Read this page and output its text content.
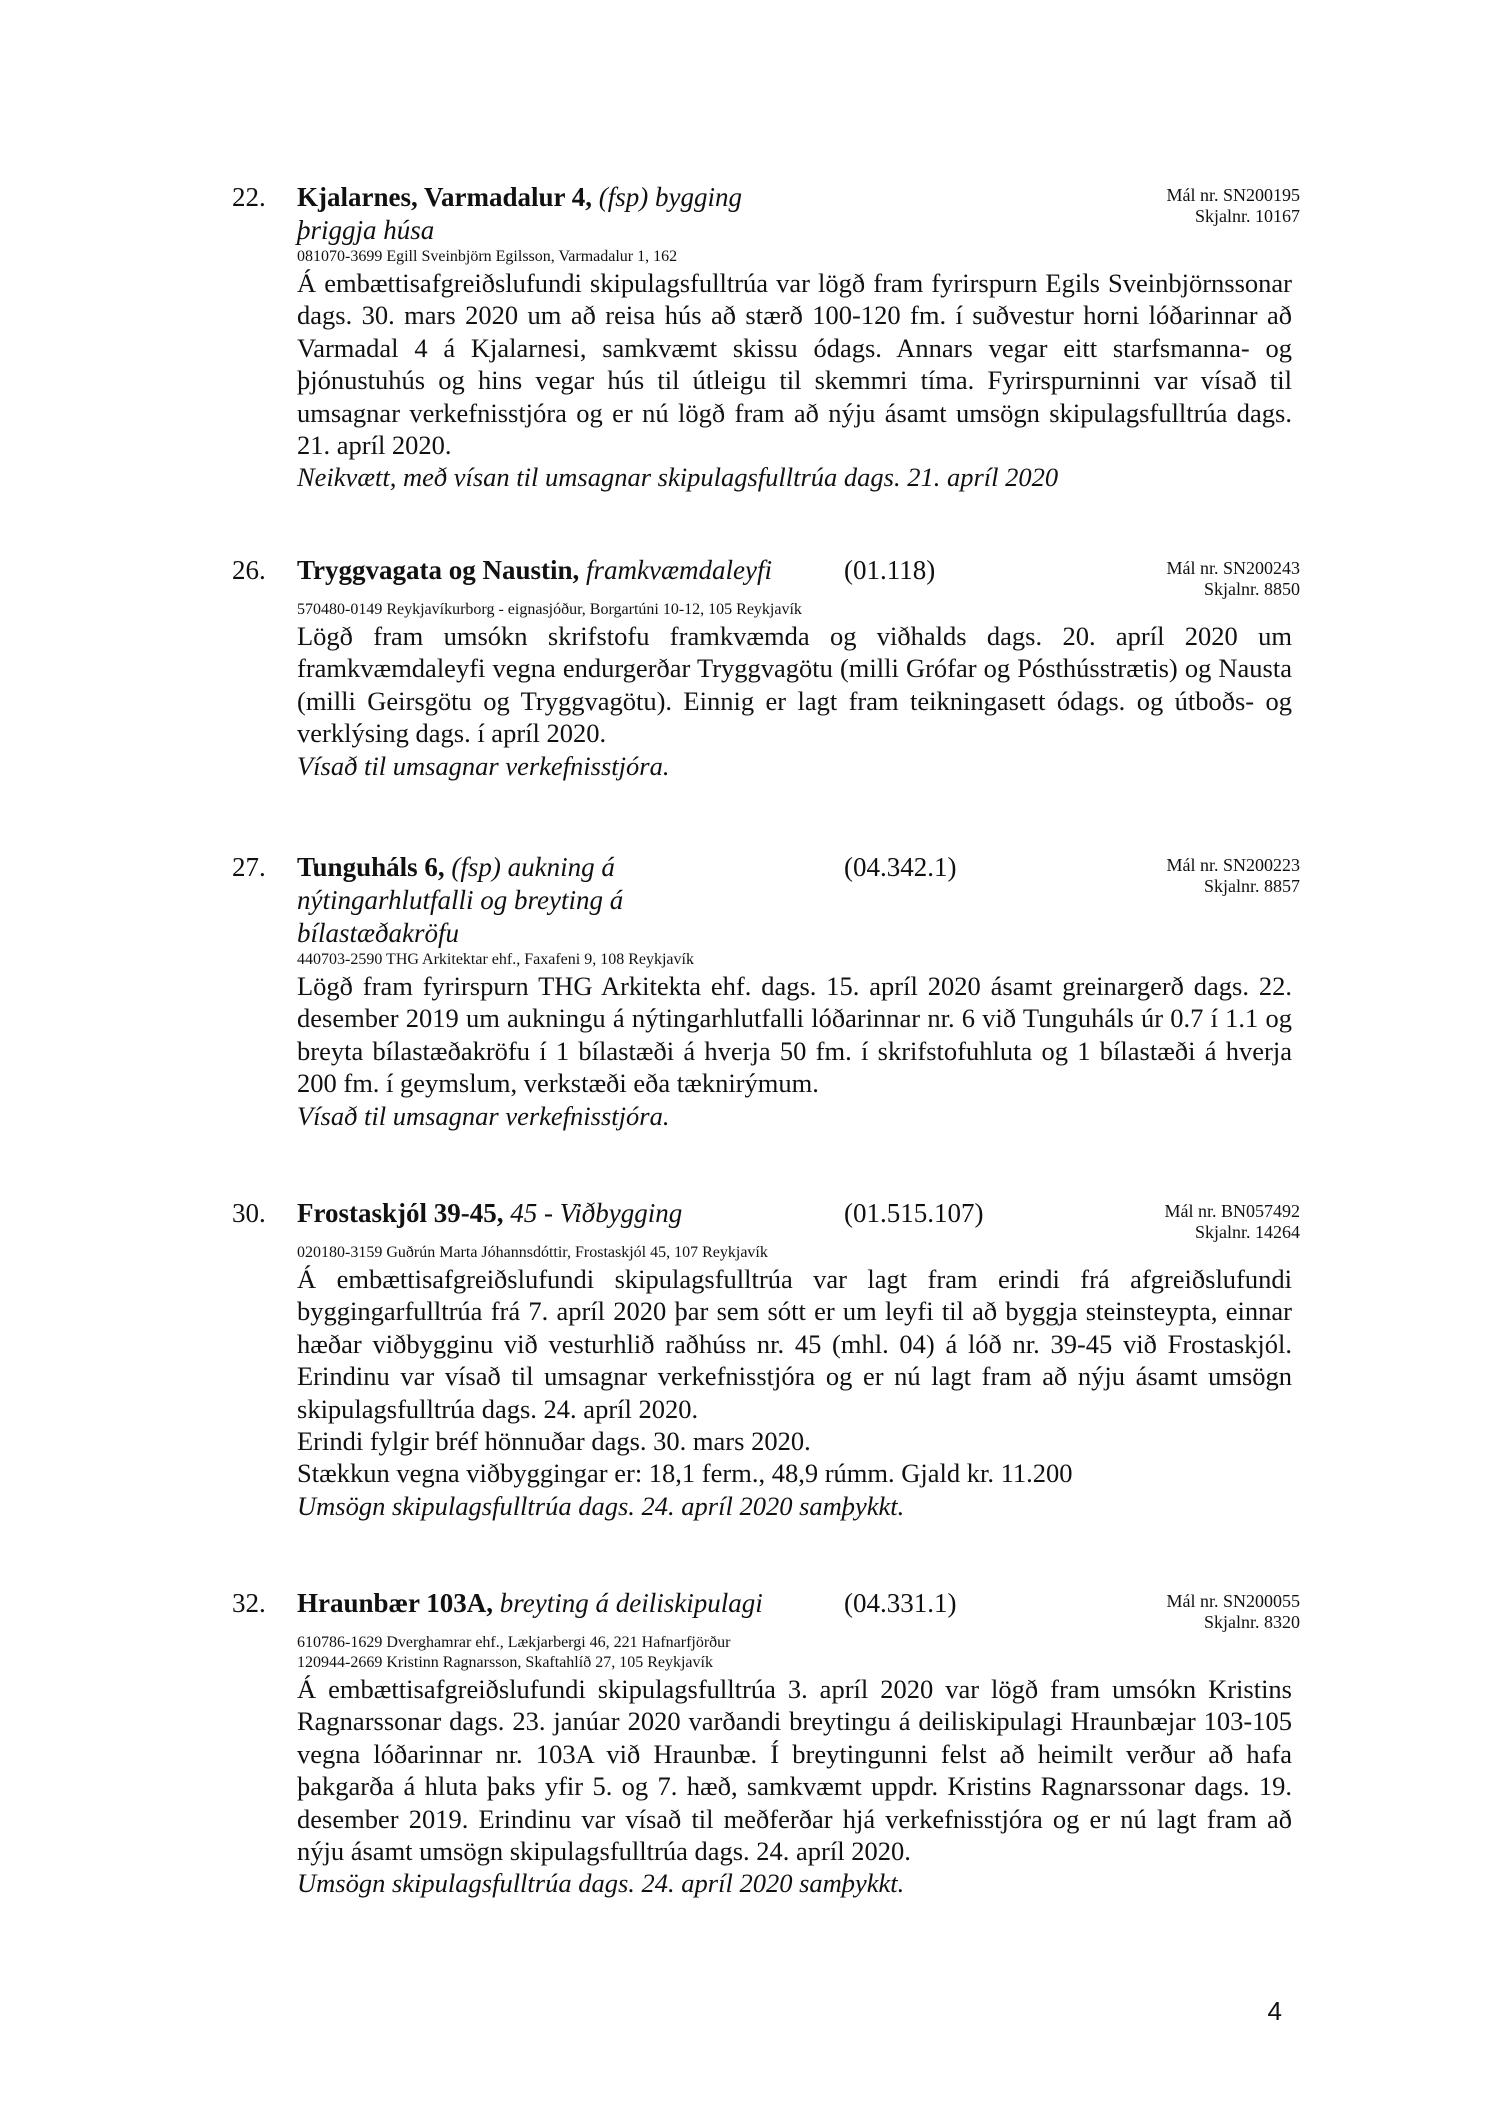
22. Kjalarnes, Varmadalur 4, (fsp) bygging þriggja húsa
Mál nr. SN200195
Skjalnr. 10167
081070-3699 Egill Sveinbjörn Egilsson, Varmadalur 1, 162

Á embættisafgreiðslufundi skipulagsfulltrúa var lögð fram fyrirspurn Egils Sveinbjörnssonar dags. 30. mars 2020 um að reisa hús að stærð 100-120 fm. í suðvestur horni lóðarinnar að Varmadal 4 á Kjalarnesi, samkvæmt skissu ódags. Annars vegar eitt starfsmanna- og þjónustuhús og hins vegar hús til útleigu til skemmri tíma. Fyrirspurninni var vísað til umsagnar verkefnisstjóra og er nú lögð fram að nýju ásamt umsögn skipulagsfulltrúa dags. 21. apríl 2020.

Neikvætt, með vísan til umsagnar skipulagsfulltrúa dags. 21. apríl 2020

26. Tryggvagata og Naustin, framkvæmdaleyfi	(01.118)	Mál nr. SN200243
Skjalnr. 8850
570480-0149 Reykjavíkurborg - eignasjóður, Borgartúni 10-12, 105 Reykjavík

Lögð fram umsókn skrifstofu framkvæmda og viðhalds dags. 20. apríl 2020 um framkvæmdaleyfi vegna endurgerðar Tryggvagötu (milli Grófar og Pósthússtrætis) og Nausta (milli Geirsgötu og Tryggvagötu). Einnig er lagt fram teikningasett ódags. og útboðs- og verklýsing dags. í apríl 2020.

Vísað til umsagnar verkefnisstjóra.

27. Tunguháls 6, (fsp) aukning á nýtingarhlutfalli og breyting á bílastæðakröfu
(04.342.1)	Mál nr. SN200223
Skjalnr. 8857
440703-2590 THG Arkitektar ehf., Faxafeni 9, 108 Reykjavík

Lögð fram fyrirspurn THG Arkitekta ehf. dags. 15. apríl 2020 ásamt greinargerð dags. 22. desember 2019 um aukningu á nýtingarhlutfalli lóðarinnar nr. 6 við Tunguháls úr 0.7 í 1.1 og breyta bílastæðakröfu í 1 bílastæði á hverja 50 fm. í skrifstofuhluta og 1 bílastæði á hverja 200 fm. í geymslum, verkstæði eða tæknirýmum.

Vísað til umsagnar verkefnisstjóra.

30. Frostaskjól 39-45, 45 - Viðbygging	(01.515.107)	Mál nr. BN057492
Skjalnr. 14264
020180-3159 Guðrún Marta Jóhannsdóttir, Frostaskjól 45, 107 Reykjavík

Á embættisafgreiðslufundi skipulagsfulltrúa var lagt fram erindi frá afgreiðslufundi byggingarfulltrúa frá 7. apríl 2020 þar sem sótt er um leyfi til að byggja steinsteypta, einnar hæðar viðbygginu við vesturhlið raðhúss nr. 45 (mhl. 04) á lóð nr. 39-45 við Frostaskjól. Erindinu var vísað til umsagnar verkefnisstjóra og er nú lagt fram að nýju ásamt umsögn skipulagsfulltrúa dags. 24. apríl 2020.

Erindi fylgir bréf hönnuðar dags. 30. mars 2020.

Stækkun vegna viðbyggingar er: 18,1 ferm., 48,9 rúmm. Gjald kr. 11.200

Umsögn skipulagsfulltrúa dags. 24. apríl 2020 samþykkt.

32. Hraunbær 103A, breyting á deiliskipulagi	(04.331.1)	Mál nr. SN200055
Skjalnr. 8320
610786-1629 Dverghamrar ehf., Lækjarbergi 46, 221 Hafnarfjörður
120944-2669 Kristinn Ragnarsson, Skaftahlíð 27, 105 Reykjavík

Á embættisafgreiðslufundi skipulagsfulltrúa 3. apríl 2020 var lögð fram umsókn Kristins Ragnarssonar dags. 23. janúar 2020 varðandi breytingu á deiliskipulagi Hraunbæjar 103-105 vegna lóðarinnar nr. 103A við Hraunbæ. Í breytingunni felst að heimilt verður að hafa þakgarða á hluta þaks yfir 5. og 7. hæð, samkvæmt uppdr. Kristins Ragnarssonar dags. 19. desember 2019. Erindinu var vísað til meðferðar hjá verkefnisstjóra og er nú lagt fram að nýju ásamt umsögn skipulagsfulltrúa dags. 24. apríl 2020.

Umsögn skipulagsfulltrúa dags. 24. apríl 2020 samþykkt.

4
